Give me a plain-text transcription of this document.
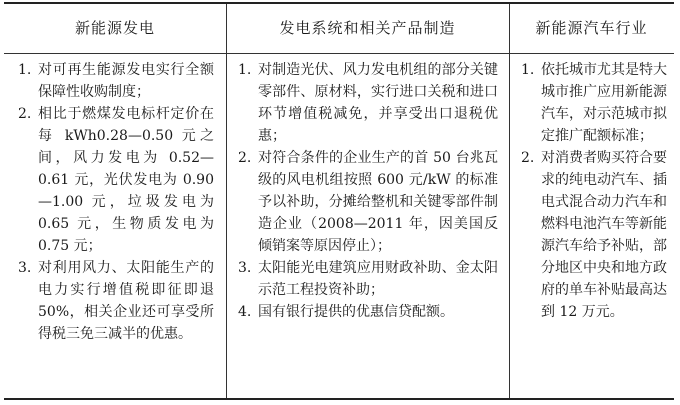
新能源发电	发电系统和相关产品制造	新能源汽车行业
1. 对可再生能源发电实行全额保障性收购制度；
2. 相比于燃煤发电标杆定价在每 kWh0.28—0.50 元之间，风力发电为 0.52—0.61 元，光伏发电为 0.90—1.00 元，垃圾发电为 0.65 元，生物质发电为 0.75 元；
3. 对利用风力、太阳能生产的电力实行增值税即征即退 50%，相关企业还可享受所得税三免三减半的优惠。
1. 对制造光伏、风力发电机组的部分关键零部件、原材料，实行进口关税和进口环节增值税减免，并享受出口退税优惠；
2. 对符合条件的企业生产的首 50 台兆瓦级的风电机组按照 600 元/kW 的标准予以补助，分摊给整机和关键零部件制造企业（2008—2011 年，因美国反倾销案等原因停止）；
3. 太阳能光电建筑应用财政补助、金太阳示范工程投资补助；
4. 国有银行提供的优惠信贷配额。
1. 依托城市尤其是特大城市推广应用新能源汽车，对示范城市拟定推广配额标准；
2. 对消费者购买符合要求的纯电动汽车、插电式混合动力汽车和燃料电池汽车等新能源汽车给予补贴，部分地区中央和地方政府的单车补贴最高达到 12 万元。
